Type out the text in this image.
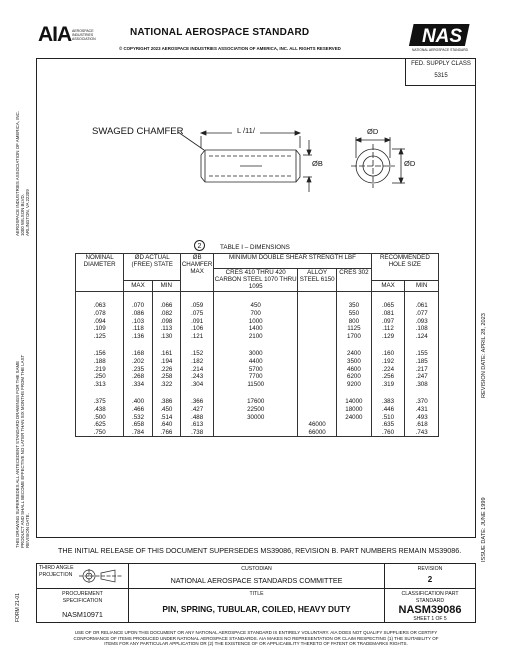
AIA AEROSPACE INDUSTRIES ASSOCIATION
NATIONAL AEROSPACE STANDARD
© COPYRIGHT 2023 AEROSPACE INDUSTRIES ASSOCIATION OF AMERICA, INC. ALL RIGHTS RESERVED
NAS
NATIONAL AEROSPACE STANDARD
FED. SUPPLY CLASS
5315
AEROSPACE INDUSTRIES ASSOCIATION OF AMERICA, INC. 1000 WILSON BLVD. ARLINGTON, VA 22209
THIS DRAWING SUPERSEDES ALL ANTECEDENT STANDARD DRAWINGS FOR THE SAME PRODUCT AND SHALL BECOME EFFECTIVE NO LATER THAN SIX MONTHS FROM THE LAST REVISION DATE.
FORM 21-01
REVISION DATE: APRIL 28, 2023
ISSUE DATE: JUNE 1999
SWAGED CHAMFER	L /11/	ØD
ØB	ØD
2	TABLE I – DIMENSIONS
NOMINAL DIAMETER	ØD ACTUAL (FREE) STATE		ØB CHAMFER MAX	MINIMUM DOUBLE SHEAR STRENGTH LBF			RECOMMENDED HOLE SIZE	
				CRES 410 THRU 420 CARBON STEEL 1070 THRU 1095	ALLOY STEEL 6150	CRES 302		
	MAX	MIN					MAX	MIN

.063	.070	.066	.059	450		350	.065	.061
.078	.086	.082	.075	700		550	.081	.077
.094	.103	.098	.091	1000		800	.097	.093
.109	.118	.113	.106	1400		1125	.112	.108
.125	.136	.130	.121	2100		1700	.129	.124

.156	.168	.161	.152	3000		2400	.160	.155
.188	.202	.194	.182	4400		3500	.192	.185
.219	.235	.226	.214	5700		4600	.224	.217
.250	.268	.258	.243	7700		6200	.256	.247
.313	.334	.322	.304	11500		9200	.319	.308

.375	.400	.386	.366	17600		14000	.383	.370
.438	.466	.450	.427	22500		18000	.446	.431
.500	.532	.514	.488	30000		24000	.510	.493
.625	.658	.640	.613		46000		.635	.618
.750	.784	.766	.738		66000		.760	.743
THE INITIAL RELEASE OF THIS DOCUMENT SUPERSEDES MS39086, REVISION B. PART NUMBERS REMAIN MS39086.
THIRD ANGLE PROJECTION
CUSTODIAN
NATIONAL AEROSPACE STANDARDS COMMITTEE
REVISION
2
PROCUREMENT SPECIFICATION
NASM10971
TITLE
PIN, SPRING, TUBULAR, COILED, HEAVY DUTY
CLASSIFICATION PART STANDARD
NASM39086
SHEET 1 OF 5
USE OF OR RELIANCE UPON THIS DOCUMENT OR ANY NATIONAL AEROSPACE STANDARD IS ENTIRELY VOLUNTARY. AIA DOES NOT QUALIFY SUPPLIERS OR CERTIFY CONFORMANCE OF ITEMS PRODUCED UNDER NATIONAL AEROSPACE STANDARDS. AIA MAKES NO REPRESENTATION OR CLAIM RESPECTING (1) THE SUITABILITY OF ITEMS FOR ANY PARTICULAR APPLICATION OR (2) THE EXISTENCE OF OR APPLICABILITY THERETO OF PATENT OR TRADEMARKS RIGHTS.
